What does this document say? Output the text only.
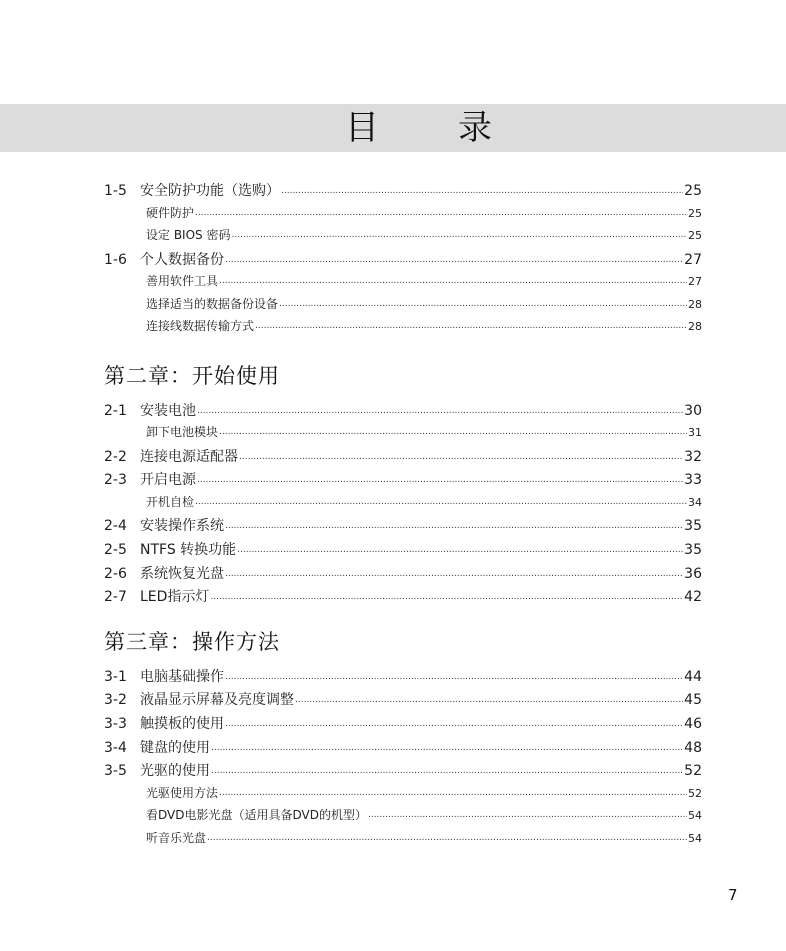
目 录
1-5 安全防护功能（选购） .....	25
硬件防护 .....	25
设定 BIOS 密码 .....	25
1-6 个人数据备份 .....	27
善用软件工具 .....	27
选择适当的数据备份设备 .....	28
连接线数据传输方式 .....	28
第二章：开始使用
2-1 安装电池 .....	30
卸下电池模块 .....	31
2-2 连接电源适配器 .....	32
2-3 开启电源 .....	33
开机自检 .....	34
2-4 安装操作系统 .....	35
2-5 NTFS 转换功能 .....	35
2-6 系统恢复光盘 .....	36
2-7 LED指示灯 .....	42
第三章：操作方法
3-1 电脑基础操作 .....	44
3-2 液晶显示屏幕及亮度调整 .....	45
3-3 触摸板的使用 .....	46
3-4 键盘的使用 .....	48
3-5 光驱的使用 .....	52
光驱使用方法 .....	52
看DVD电影光盘（适用具备DVD的机型） .....	54
听音乐光盘 .....	54
7
